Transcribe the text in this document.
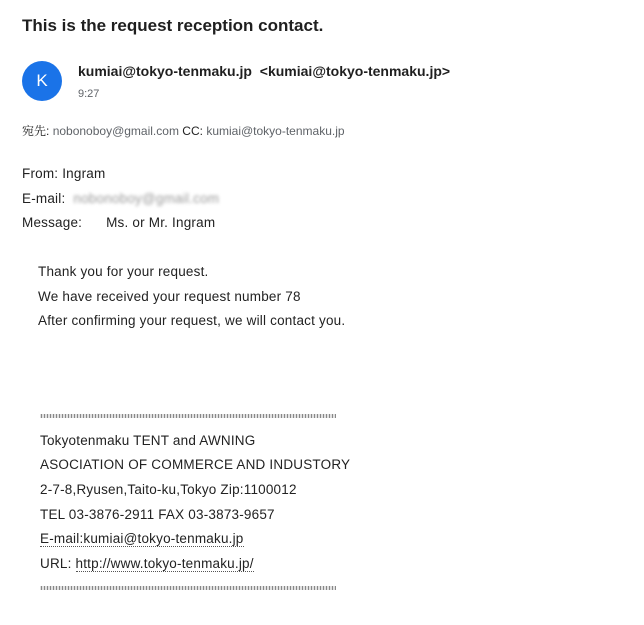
This is the request reception contact.
K	kumiai@tokyo-tenmaku.jp <kumiai@tokyo-tenmaku.jp>
9:27
宛先: nobonoboy@gmail.com CC: kumiai@tokyo-tenmaku.jp
From: Ingram
E-mail: nobonoboy@gmail.com
Message: Ms. or Mr. Ingram
Thank you for your request.
We have received your request number 78
After confirming your request, we will contact you.
Tokyotenmaku TENT and AWNING
ASOCIATION OF COMMERCE AND INDUSTORY
2-7-8,Ryusen,Taito-ku,Tokyo Zip:1100012
TEL 03-3876-2911 FAX 03-3873-9657
E-mail:kumiai@tokyo-tenmaku.jp
URL: http://www.tokyo-tenmaku.jp/
